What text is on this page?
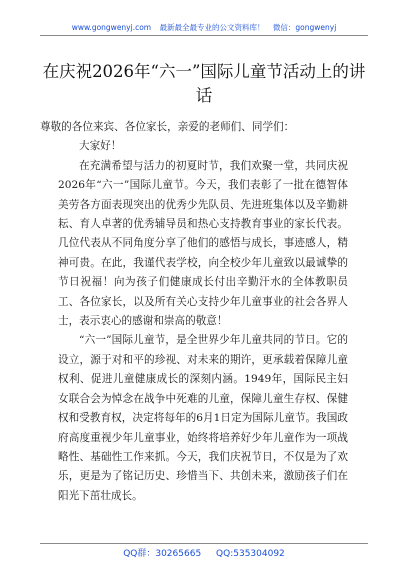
www.gongwenyj.com 最新最全最专业的公文资料库！ 微信：gongwenyj
在庆祝2026年“六一”国际儿童节活动上的讲话

尊敬的各位来宾、各位家长，亲爱的老师们、同学们：

大家好！

在充满希望与活力的初夏时节，我们欢聚一堂，共同庆祝2026年“六一”国际儿童节。今天，我们表彰了一批在德智体美劳各方面表现突出的优秀少先队员、先进班集体以及辛勤耕耘、育人卓著的优秀辅导员和热心支持教育事业的家长代表。几位代表从不同角度分享了他们的感悟与成长，事迹感人，精神可贵。在此，我谨代表学校，向全校少年儿童致以最诚挚的节日祝福！向为孩子们健康成长付出辛勤汗水的全体教职员工、各位家长，以及所有关心支持少年儿童事业的社会各界人士，表示衷心的感谢和崇高的敬意！

“六一”国际儿童节，是全世界少年儿童共同的节日。它的设立，源于对和平的珍视、对未来的期许，更承载着保障儿童权利、促进儿童健康成长的深刻内涵。1949年，国际民主妇女联合会为悼念在战争中死难的儿童，保障儿童生存权、保健权和受教育权，决定将每年的6月1日定为国际儿童节。我国政府高度重视少年儿童事业，始终将培养好少年儿童作为一项战略性、基础性工作来抓。今天，我们庆祝节日，不仅是为了欢乐，更是为了铭记历史、珍惜当下、共创未来，激励孩子们在阳光下茁壮成长。

QQ群：30265665 QQ:535304092
